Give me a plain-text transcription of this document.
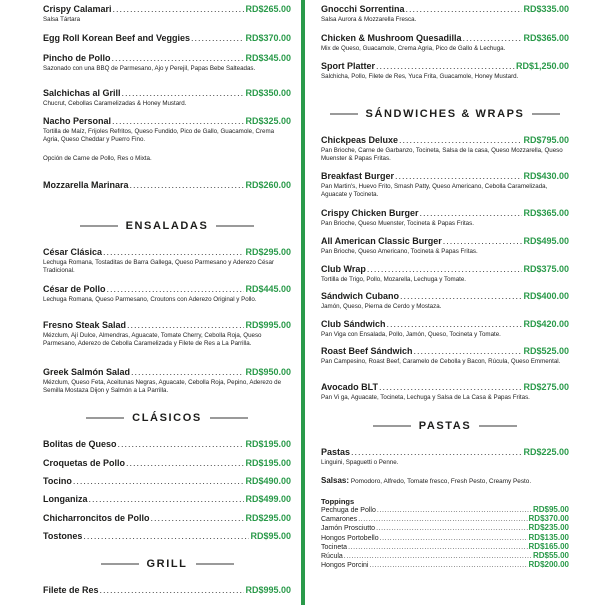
Crispy Calamari .....	RD$265.00
Salsa Tártara
Egg Roll Korean Beef and Veggies .....	RD$370.00
Pincho de Pollo .....	RD$345.00
Sazonado con una BBQ de Parmesano, Ajo y Perejil, Papas Bebe Salteadas.
Salchichas al Grill .....	RD$350.00
Chucrut, Cebollas Caramelizadas & Honey Mustard.
Nacho Personal .....	RD$325.00
Tortilla de Maíz, Frijoles Refritos, Queso Fundido, Pico de Gallo, Guacamole, Crema Agria, Queso Cheddar y Puerro Fino.
Opción de Carne de Pollo, Res o Mixta.
Mozzarella Marinara .....	RD$260.00
ENSALADAS
César Clásica .....	RD$295.00
Lechuga Romana, Tostaditas de Barra Gallega, Queso Parmesano y Aderezo César Tradicional.
César de Pollo .....	RD$445.00
Lechuga Romana, Queso Parmesano, Croutons con Aderezo Original y Pollo.
Fresno Steak Salad .....	RD$995.00
Mézclum, Ají Dulce, Almendras, Aguacate, Tomate Cherry, Cebolla Roja, Queso Parmesano, Aderezo de Cebolla Caramelizada y Filete de Res a La Parrilla.
Greek Salmón Salad .....	RD$950.00
Mézclum, Queso Feta, Aceitunas Negras, Aguacate, Cebolla Roja, Pepino, Aderezo de Semilla Mostaza Dijon y Salmón a La Parrilla.
CLÁSICOS
Bolitas de Queso .....	RD$195.00
Croquetas de Pollo .....	RD$195.00
Tocino .....	RD$490.00
Longaniza .....	RD$499.00
Chicharroncitos de Pollo .....	RD$295.00
Tostones .....	RD$95.00
GRILL
Filete de Res .....	RD$995.00
Gnocchi Sorrentina .....	RD$335.00
Salsa Aurora & Mozzarella Fresca.
Chicken & Mushroom Quesadilla .....	RD$365.00
Mix de Queso, Guacamole, Crema Agria, Pico de Gallo & Lechuga.
Sport Platter .....	RD$1,250.00
Salchicha, Pollo, Filete de Res, Yuca Frita, Guacamole, Honey Mustard.
SÁNDWICHES & WRAPS
Chickpeas Deluxe .....	RD$795.00
Pan Brioche, Carne de Garbanzo, Tocineta, Salsa de la casa, Queso Mozzarella, Queso Muenster & Papas Fritas.
Breakfast Burger .....	RD$430.00
Pan Martin's, Huevo Frito, Smash Patty, Queso Americano, Cebolla Caramelizada, Aguacate y Tocineta.
Crispy Chicken Burger .....	RD$365.00
Pan Brioche, Queso Muenster, Tocineta & Papas Fritas.
All American Classic Burger .....	RD$495.00
Pan Brioche, Queso Americano, Tocineta & Papas Fritas.
Club Wrap .....	RD$375.00
Tortilla de Trigo, Pollo, Mozarella, Lechuga y Tomate.
Sándwich Cubano .....	RD$400.00
Jamón, Queso, Pierna de Cerdo y Mostaza.
Club Sándwich .....	RD$420.00
Pan Viga con Ensalada, Pollo, Jamón, Queso, Tocineta y Tomate.
Roast Beef Sándwich .....	RD$525.00
Pan Campesino, Roast Beef, Caramelo de Cebolla y Bacon, Rúcula, Queso Emmental.
Avocado BLT .....	RD$275.00
Pan Vi ga, Aguacate, Tocineta, Lechuga y Salsa de La Casa & Papas Fritas.
PASTAS
Pastas .....	RD$225.00
Linguini, Spaguetti o Penne.
Salsas: Pomodoro, Alfredo, Tomate fresco, Fresh Pesto, Creamy Pesto.
Toppings
Pechuga de Pollo .....	RD$95.00
Camarones .....	RD$370.00
Jamón Prosciutto .....	RD$235.00
Hongos Portobello .....	RD$135.00
Tocineta .....	RD$165.00
Rúcula .....	RD$55.00
Hongos Porcini .....	RD$200.00
